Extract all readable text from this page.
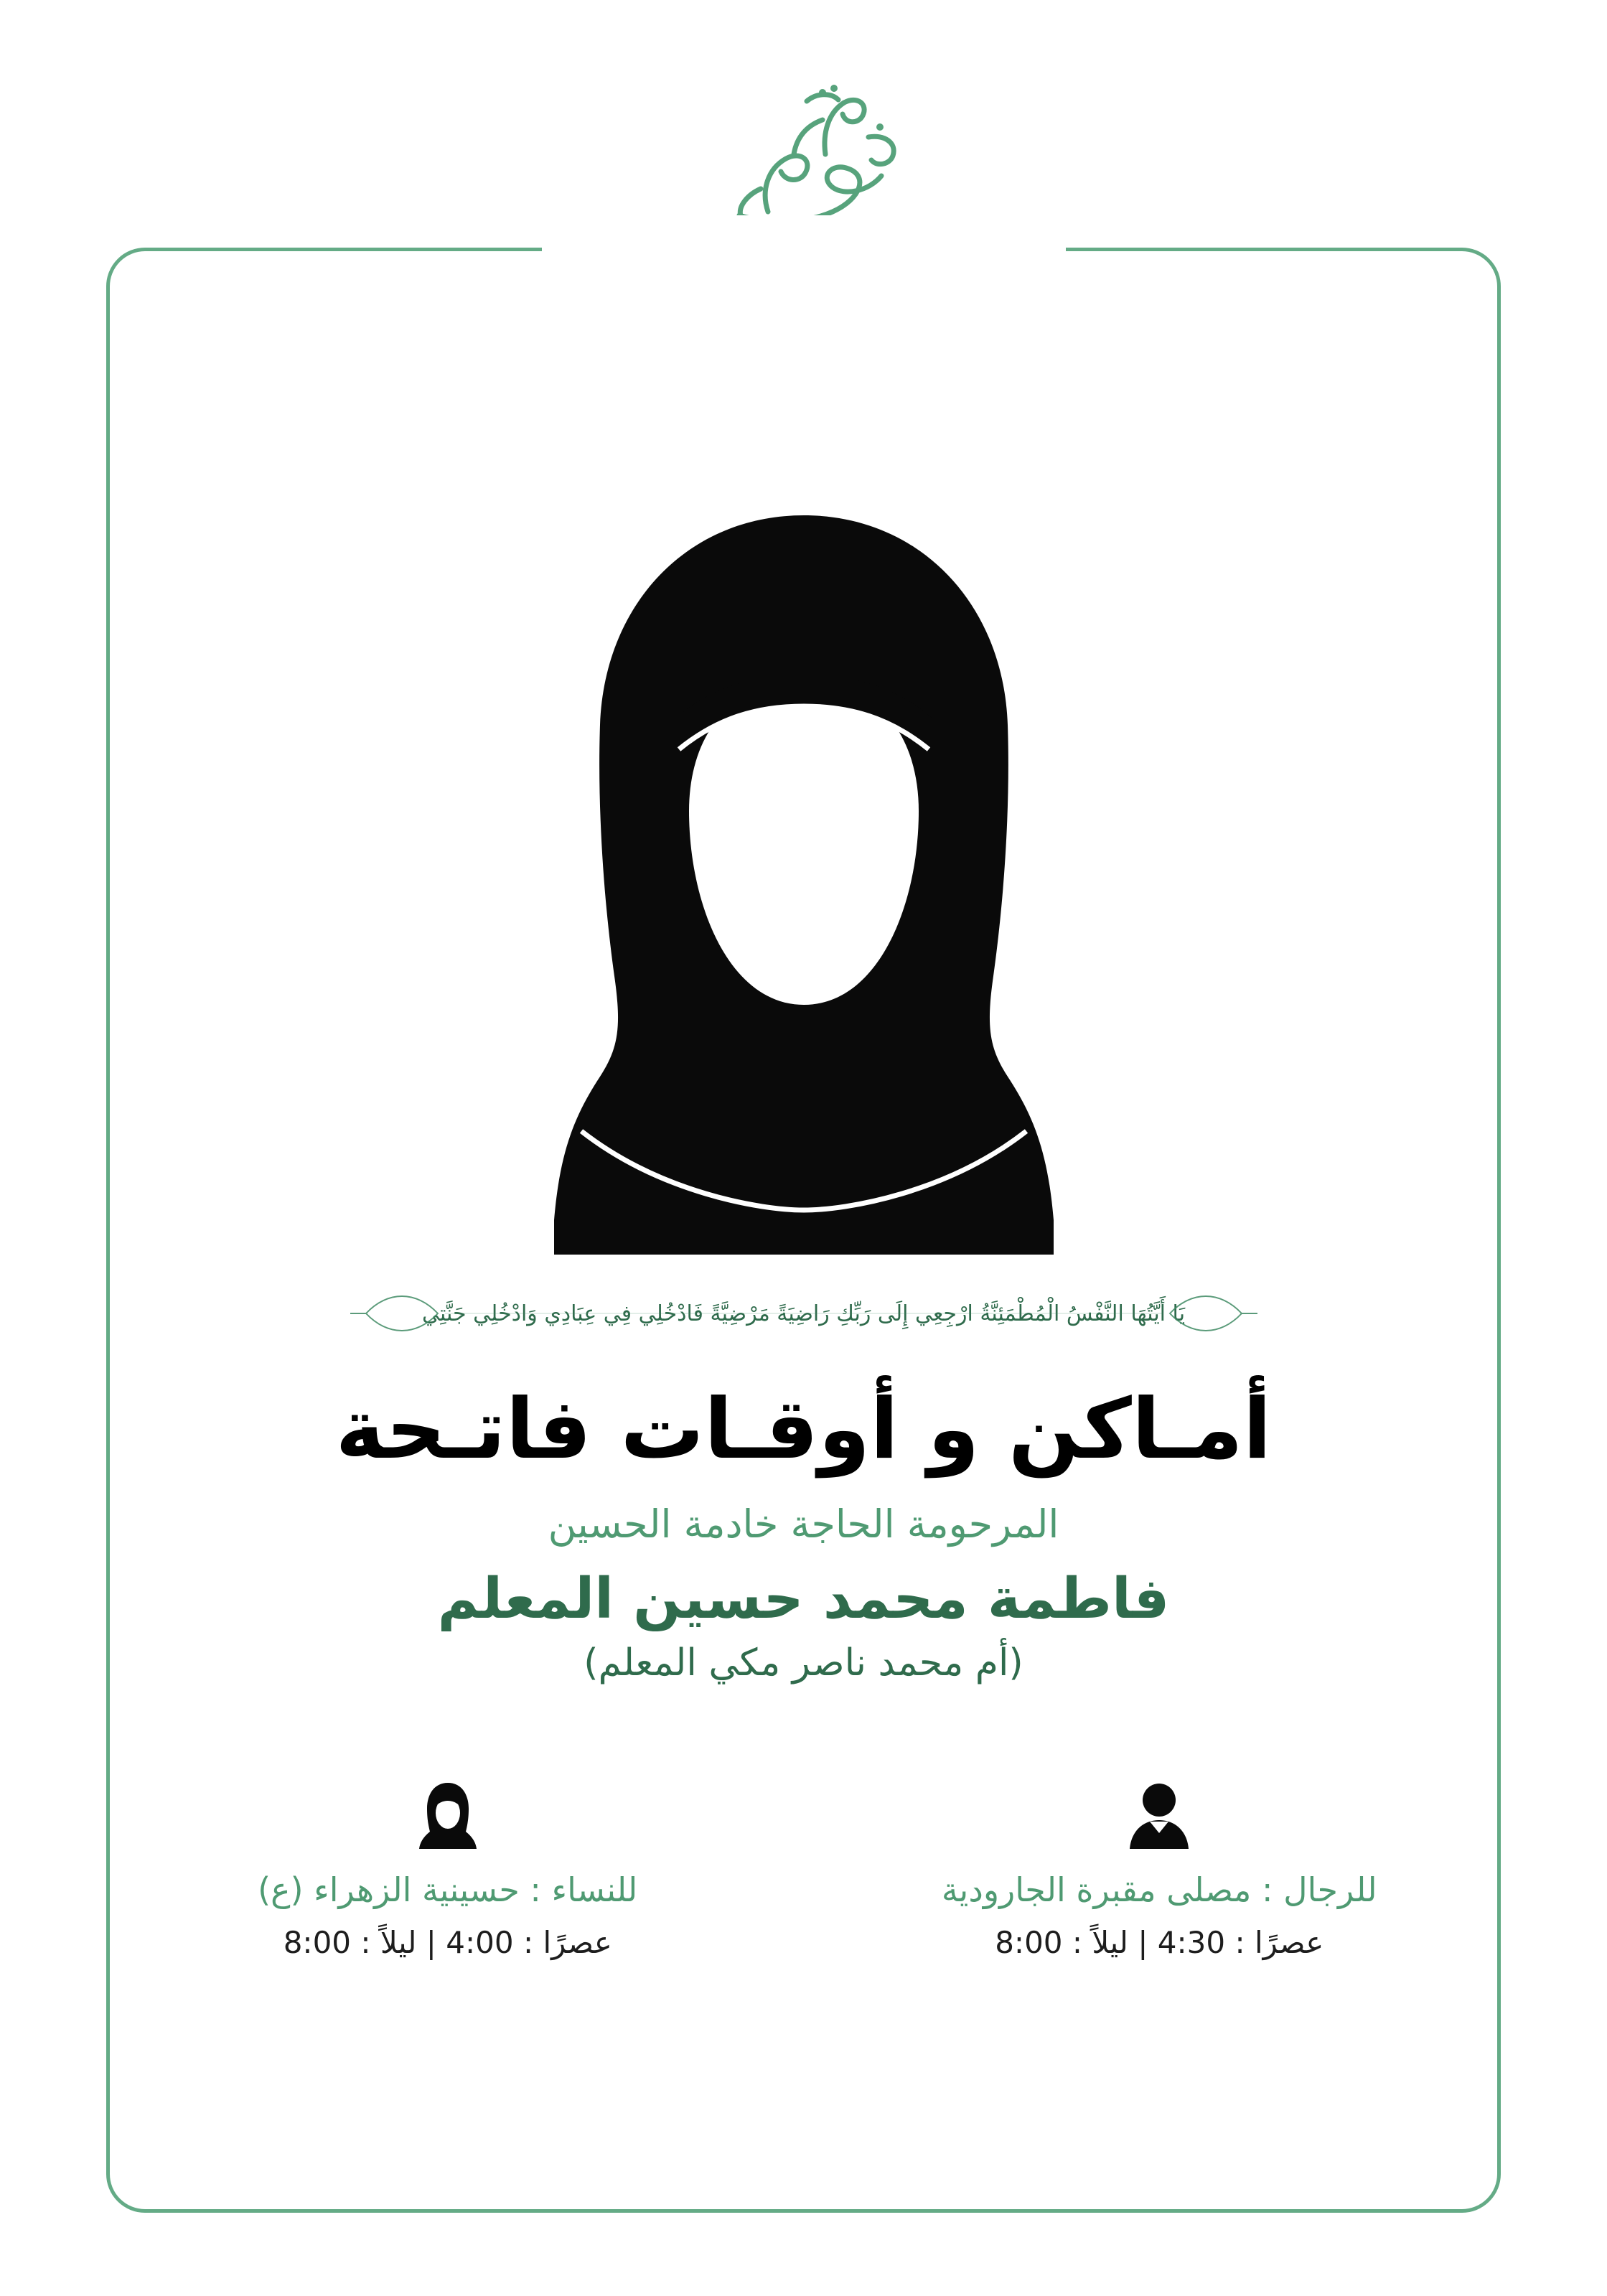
يَا أَيَّتُهَا النَّفْسُ الْمُطْمَئِنَّةُ ارْجِعِي إِلَى رَبِّكِ رَاضِيَةً مَرْضِيَّةً فَادْخُلِي فِي عِبَادِي وَادْخُلِي جَنَّتِي
أمـاكن و أوقـات فاتـحة
المرحومة الحاجة خادمة الحسين
فاطمة محمد حسين المعلم
(أم محمد ناصر مكي المعلم)
للرجال : مصلى مقبرة الجارودية
عصرًا : 4:30 | ليلاً : 8:00
للنساء : حسينية الزهراء (ع)
عصرًا : 4:00 | ليلاً : 8:00
